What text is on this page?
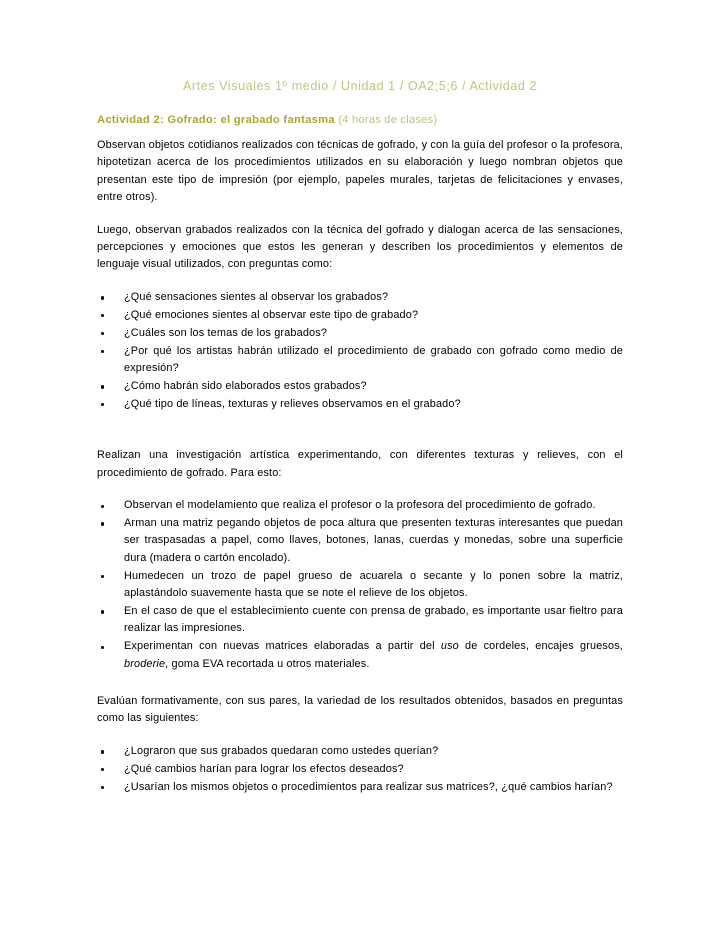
Artes Visuales 1º medio / Unidad 1 / OA2;5;6 / Actividad 2
Actividad 2: Gofrado: el grabado fantasma (4 horas de clases)

Observan objetos cotidianos realizados con técnicas de gofrado, y con la guía del profesor o la profesora, hipotetizan acerca de los procedimientos utilizados en su elaboración y luego nombran objetos que presentan este tipo de impresión (por ejemplo, papeles murales, tarjetas de felicitaciones y envases, entre otros).

Luego, observan grabados realizados con la técnica del gofrado y dialogan acerca de las sensaciones, percepciones y emociones que estos les generan y describen los procedimientos y elementos de lenguaje visual utilizados, con preguntas como:

¿Qué sensaciones sientes al observar los grabados?
¿Qué emociones sientes al observar este tipo de grabado?
¿Cuáles son los temas de los grabados?
¿Por qué los artistas habrán utilizado el procedimiento de grabado con gofrado como medio de expresión?
¿Cómo habrán sido elaborados estos grabados?
¿Qué tipo de líneas, texturas y relieves observamos en el grabado?

Realizan una investigación artística experimentando, con diferentes texturas y relieves, con el procedimiento de gofrado. Para esto:

Observan el modelamiento que realiza el profesor o la profesora del procedimiento de gofrado.
Arman una matriz pegando objetos de poca altura que presenten texturas interesantes que puedan ser traspasadas a papel, como llaves, botones, lanas, cuerdas y monedas, sobre una superficie dura (madera o cartón encolado).
Humedecen un trozo de papel grueso de acuarela o secante y lo ponen sobre la matriz, aplastándolo suavemente hasta que se note el relieve de los objetos.
En el caso de que el establecimiento cuente con prensa de grabado, es importante usar fieltro para realizar las impresiones.
Experimentan con nuevas matrices elaboradas a partir del uso de cordeles, encajes gruesos, broderie, goma EVA recortada u otros materiales.

Evalúan formativamente, con sus pares, la variedad de los resultados obtenidos, basados en preguntas como las siguientes:

¿Lograron que sus grabados quedaran como ustedes querían?
¿Qué cambios harían para lograr los efectos deseados?
¿Usarían los mismos objetos o procedimientos para realizar sus matrices?, ¿qué cambios harían?
